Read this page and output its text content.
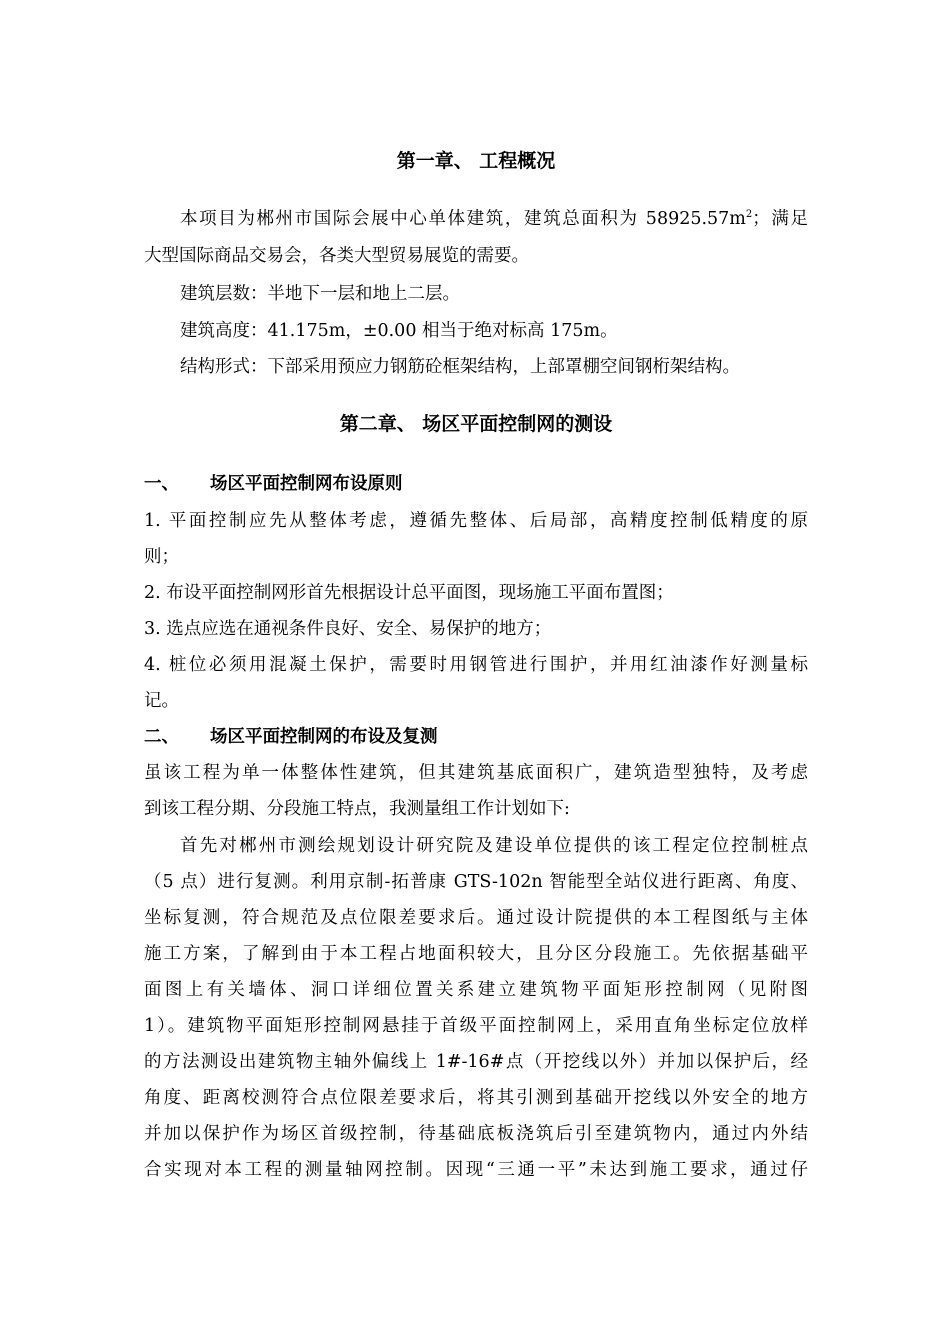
第一章、 工程概况
本项目为郴州市国际会展中心单体建筑，建筑总面积为 $58925.57m^2$；满足
大型国际商品交易会，各类大型贸易展览的需要。
建筑层数：半地下一层和地上二层。
建筑高度：41.175m，±0.00 相当于绝对标高 175m。
结构形式：下部采用预应力钢筋砼框架结构，上部罩棚空间钢桁架结构。
第二章、 场区平面控制网的测设
一、 场区平面控制网布设原则
1. 平面控制应先从整体考虑，遵循先整体、后局部，高精度控制低精度的原
则；
2. 布设平面控制网形首先根据设计总平面图，现场施工平面布置图；
3. 选点应选在通视条件良好、安全、易保护的地方；
4. 桩位必须用混凝土保护，需要时用钢管进行围护，并用红油漆作好测量标
记。
二、 场区平面控制网的布设及复测
虽该工程为单一体整体性建筑，但其建筑基底面积广，建筑造型独特，及考虑
到该工程分期、分段施工特点，我测量组工作计划如下:
首先对郴州市测绘规划设计研究院及建设单位提供的该工程定位控制桩点
（5 点）进行复测。利用京制-拓普康 GTS-102n 智能型全站仪进行距离、角度、
坐标复测，符合规范及点位限差要求后。通过设计院提供的本工程图纸与主体
施工方案，了解到由于本工程占地面积较大，且分区分段施工。先依据基础平
面图上有关墙体、洞口详细位置关系建立建筑物平面矩形控制网（见附图
1）。建筑物平面矩形控制网悬挂于首级平面控制网上，采用直角坐标定位放样
的方法测设出建筑物主轴外偏线上 1#-16#点（开挖线以外）并加以保护后，经
角度、距离校测符合点位限差要求后，将其引测到基础开挖线以外安全的地方
并加以保护作为场区首级控制，待基础底板浇筑后引至建筑物内，通过内外结
合实现对本工程的测量轴网控制。因现“三通一平”未达到施工要求，通过仔
